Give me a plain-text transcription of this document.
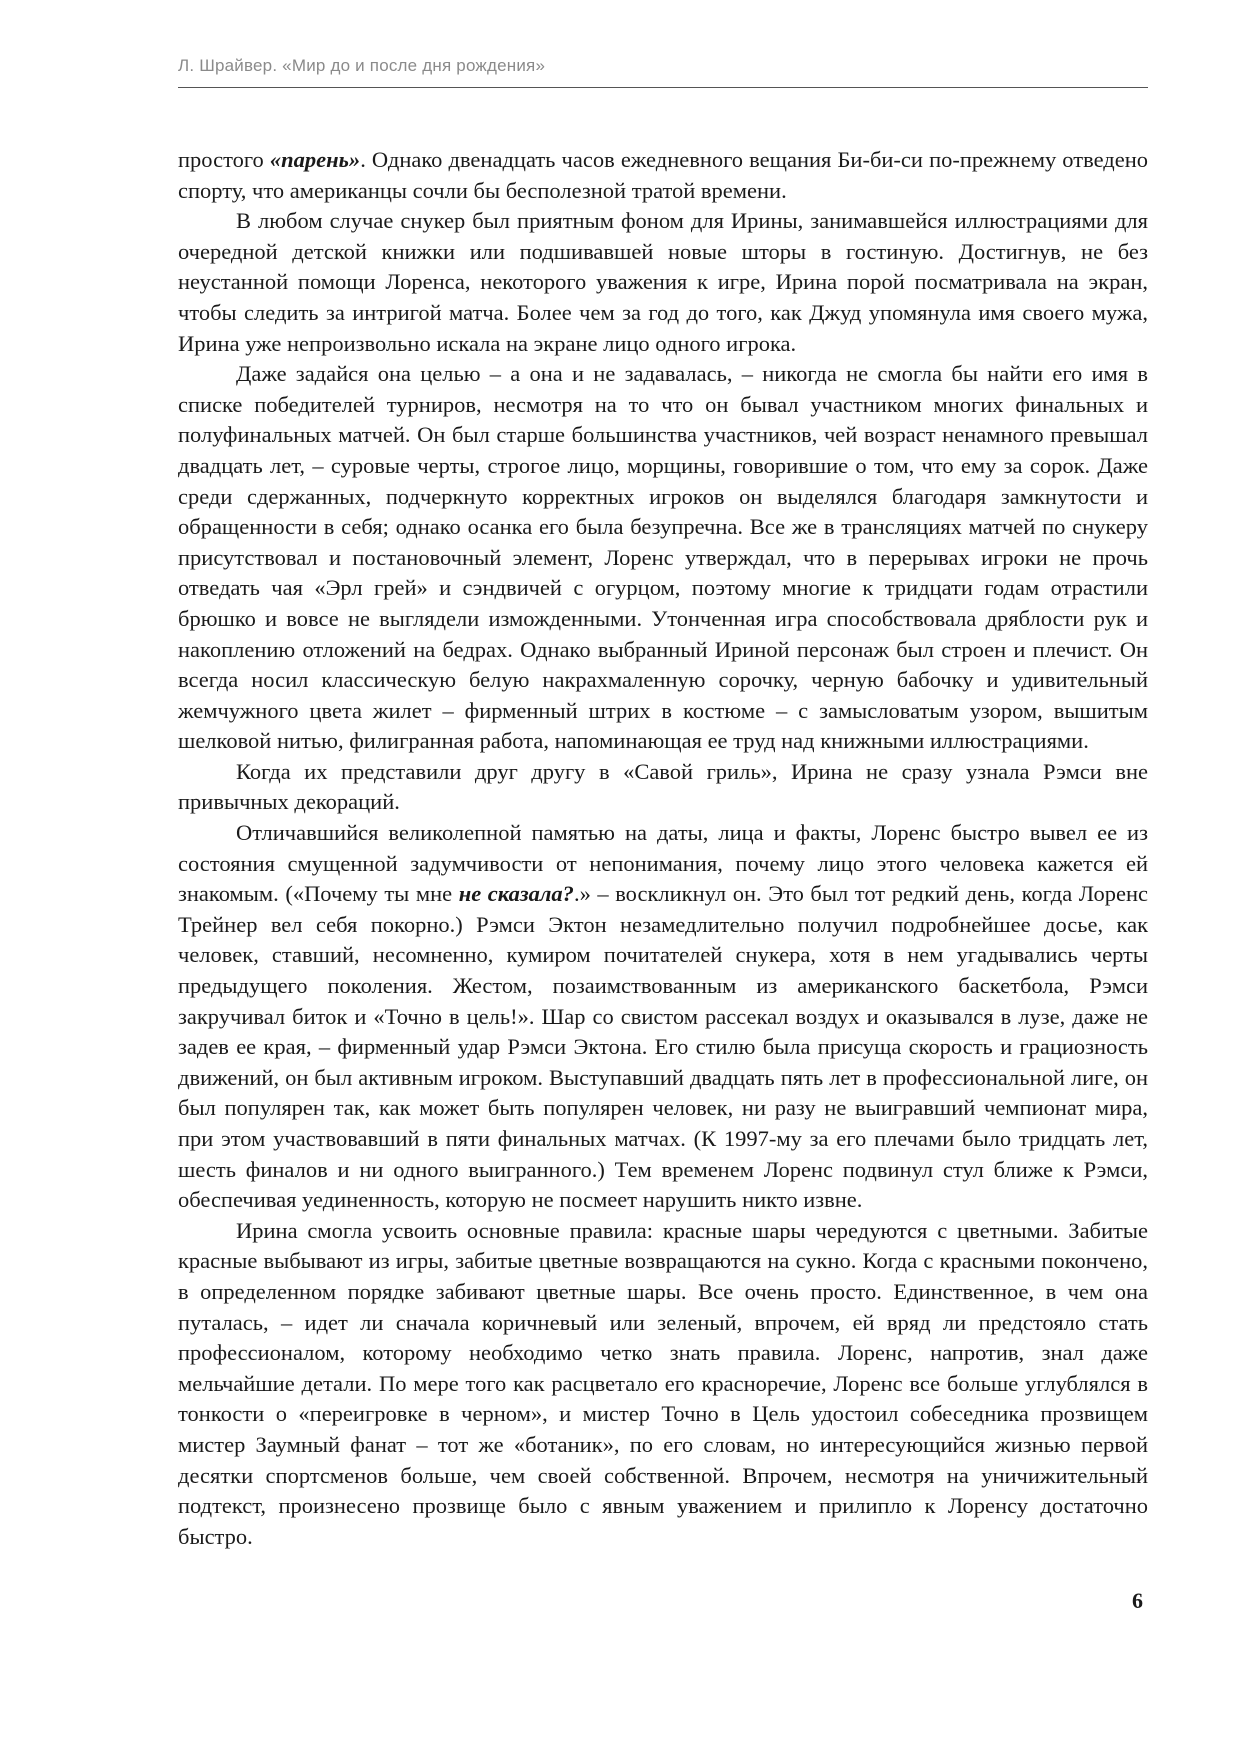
Л. Шрайвер. «Мир до и после дня рождения»

простого «парень». Однако двенадцать часов ежедневного вещания Би-би-си по-прежнему отведено спорту, что американцы сочли бы бесполезной тратой времени.

В любом случае снукер был приятным фоном для Ирины, занимавшейся иллюстрациями для очередной детской книжки или подшивавшей новые шторы в гостиную. Достигнув, не без неустанной помощи Лоренса, некоторого уважения к игре, Ирина порой посматривала на экран, чтобы следить за интригой матча. Более чем за год до того, как Джуд упомянула имя своего мужа, Ирина уже непроизвольно искала на экране лицо одного игрока.

Даже задайся она целью – а она и не задавалась, – никогда не смогла бы найти его имя в списке победителей турниров, несмотря на то что он бывал участником многих финальных и полуфинальных матчей. Он был старше большинства участников, чей возраст ненамного превышал двадцать лет, – суровые черты, строгое лицо, морщины, говорившие о том, что ему за сорок. Даже среди сдержанных, подчеркнуто корректных игроков он выделялся благодаря замкнутости и обращенности в себя; однако осанка его была безупречна. Все же в трансляциях матчей по снукеру присутствовал и постановочный элемент, Лоренс утверждал, что в перерывах игроки не прочь отведать чая «Эрл грей» и сэндвичей с огурцом, поэтому многие к тридцати годам отрастили брюшко и вовсе не выглядели изможденными. Утонченная игра способствовала дряблости рук и накоплению отложений на бедрах. Однако выбранный Ириной персонаж был строен и плечист. Он всегда носил классическую белую накрахмаленную сорочку, черную бабочку и удивительный жемчужного цвета жилет – фирменный штрих в костюме – с замысловатым узором, вышитым шелковой нитью, филигранная работа, напоминающая ее труд над книжными иллюстрациями.

Когда их представили друг другу в «Савой гриль», Ирина не сразу узнала Рэмси вне привычных декораций.

Отличавшийся великолепной памятью на даты, лица и факты, Лоренс быстро вывел ее из состояния смущенной задумчивости от непонимания, почему лицо этого человека кажется ей знакомым. («Почему ты мне не сказала?.» – воскликнул он. Это был тот редкий день, когда Лоренс Трейнер вел себя покорно.) Рэмси Эктон незамедлительно получил подробнейшее досье, как человек, ставший, несомненно, кумиром почитателей снукера, хотя в нем угадывались черты предыдущего поколения. Жестом, позаимствованным из американского баскетбола, Рэмси закручивал биток и «Точно в цель!». Шар со свистом рассекал воздух и оказывался в лузе, даже не задев ее края, – фирменный удар Рэмси Эктона. Его стилю была присуща скорость и грациозность движений, он был активным игроком. Выступавший двадцать пять лет в профессиональной лиге, он был популярен так, как может быть популярен человек, ни разу не выигравший чемпионат мира, при этом участвовавший в пяти финальных матчах. (К 1997-му за его плечами было тридцать лет, шесть финалов и ни одного выигранного.) Тем временем Лоренс подвинул стул ближе к Рэмси, обеспечивая уединенность, которую не посмеет нарушить никто извне.

Ирина смогла усвоить основные правила: красные шары чередуются с цветными. Забитые красные выбывают из игры, забитые цветные возвращаются на сукно. Когда с красными покончено, в определенном порядке забивают цветные шары. Все очень просто. Единственное, в чем она путалась, – идет ли сначала коричневый или зеленый, впрочем, ей вряд ли предстояло стать профессионалом, которому необходимо четко знать правила. Лоренс, напротив, знал даже мельчайшие детали. По мере того как расцветало его красноречие, Лоренс все больше углублялся в тонкости о «переигровке в черном», и мистер Точно в Цель удостоил собеседника прозвищем мистер Заумный фанат – тот же «ботаник», по его словам, но интересующийся жизнью первой десятки спортсменов больше, чем своей собственной. Впрочем, несмотря на уничижительный подтекст, произнесено прозвище было с явным уважением и прилипло к Лоренсу достаточно быстро.

6
